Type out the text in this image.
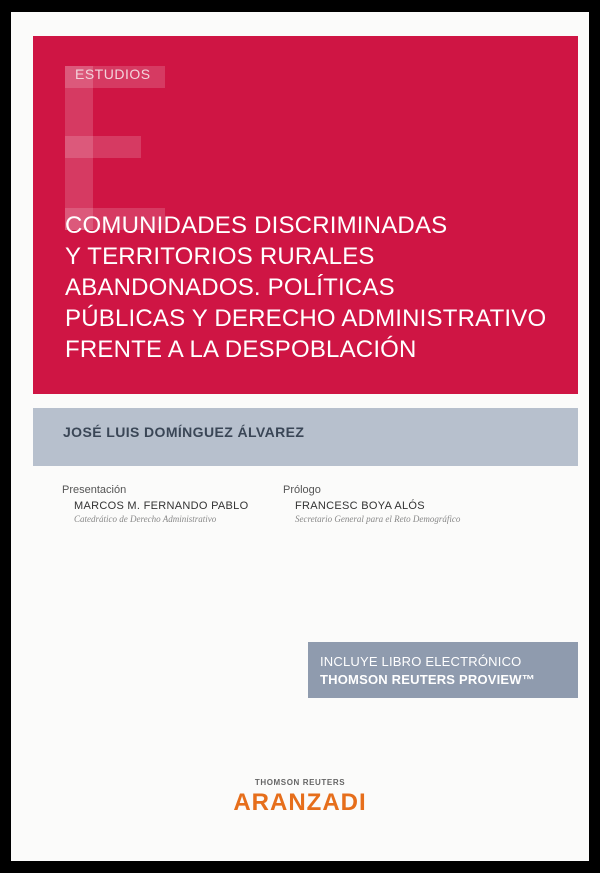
ESTUDIOS
COMUNIDADES DISCRIMINADAS
Y TERRITORIOS RURALES
ABANDONADOS. POLÍTICAS
PÚBLICAS Y DERECHO ADMINISTRATIVO
FRENTE A LA DESPOBLACIÓN
JOSÉ LUIS DOMÍNGUEZ ÁLVAREZ
Presentación
MARCOS M. FERNANDO PABLO
Catedrático de Derecho Administrativo
Prólogo
FRANCESC BOYA ALÓS
Secretario General para el Reto Demográfico
INCLUYE LIBRO ELECTRÓNICO
THOMSON REUTERS PROVIEW™
THOMSON REUTERS
ARANZADI
